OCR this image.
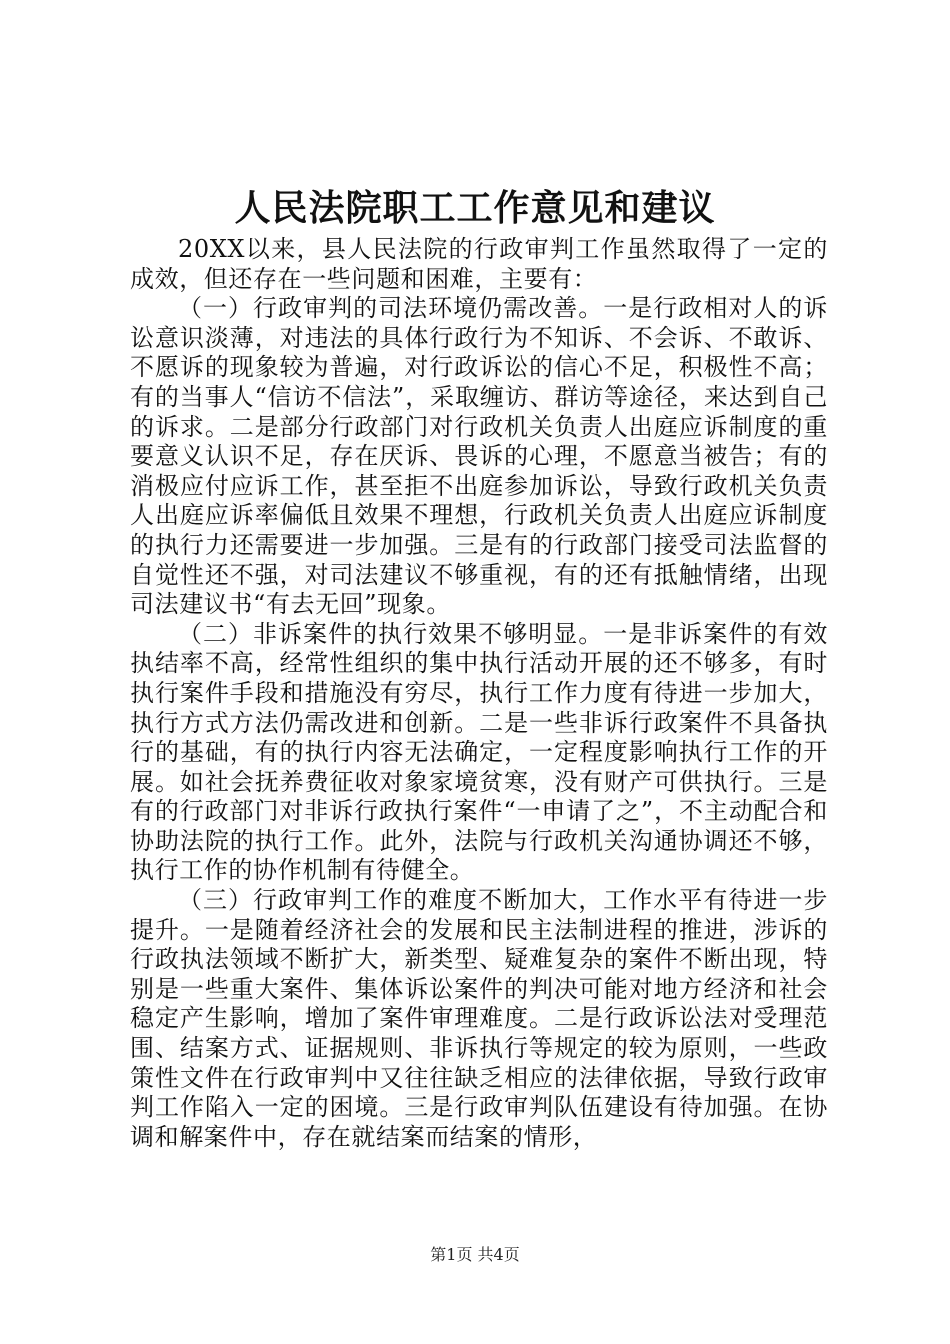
人民法院职工工作意见和建议

20XX以来，县人民法院的行政审判工作虽然取得了一定的成效，但还存在一些问题和困难，主要有：

（一）行政审判的司法环境仍需改善。一是行政相对人的诉讼意识淡薄，对违法的具体行政行为不知诉、不会诉、不敢诉、不愿诉的现象较为普遍，对行政诉讼的信心不足，积极性不高；有的当事人“信访不信法”，采取缠访、群访等途径，来达到自己的诉求。二是部分行政部门对行政机关负责人出庭应诉制度的重要意义认识不足，存在厌诉、畏诉的心理，不愿意当被告；有的消极应付应诉工作，甚至拒不出庭参加诉讼，导致行政机关负责人出庭应诉率偏低且效果不理想，行政机关负责人出庭应诉制度的执行力还需要进一步加强。三是有的行政部门接受司法监督的自觉性还不强，对司法建议不够重视，有的还有抵触情绪，出现司法建议书“有去无回”现象。

（二）非诉案件的执行效果不够明显。一是非诉案件的有效执结率不高，经常性组织的集中执行活动开展的还不够多，有时执行案件手段和措施没有穷尽，执行工作力度有待进一步加大，执行方式方法仍需改进和创新。二是一些非诉行政案件不具备执行的基础，有的执行内容无法确定，一定程度影响执行工作的开展。如社会抚养费征收对象家境贫寒，没有财产可供执行。三是有的行政部门对非诉行政执行案件“一申请了之”，不主动配合和协助法院的执行工作。此外，法院与行政机关沟通协调还不够，执行工作的协作机制有待健全。

（三）行政审判工作的难度不断加大，工作水平有待进一步提升。一是随着经济社会的发展和民主法制进程的推进，涉诉的行政执法领域不断扩大，新类型、疑难复杂的案件不断出现，特别是一些重大案件、集体诉讼案件的判决可能对地方经济和社会稳定产生影响，增加了案件审理难度。二是行政诉讼法对受理范围、结案方式、证据规则、非诉执行等规定的较为原则，一些政策性文件在行政审判中又往往缺乏相应的法律依据，导致行政审判工作陷入一定的困境。三是行政审判队伍建设有待加强。在协调和解案件中，存在就结案而结案的情形，

第1页 共4页
